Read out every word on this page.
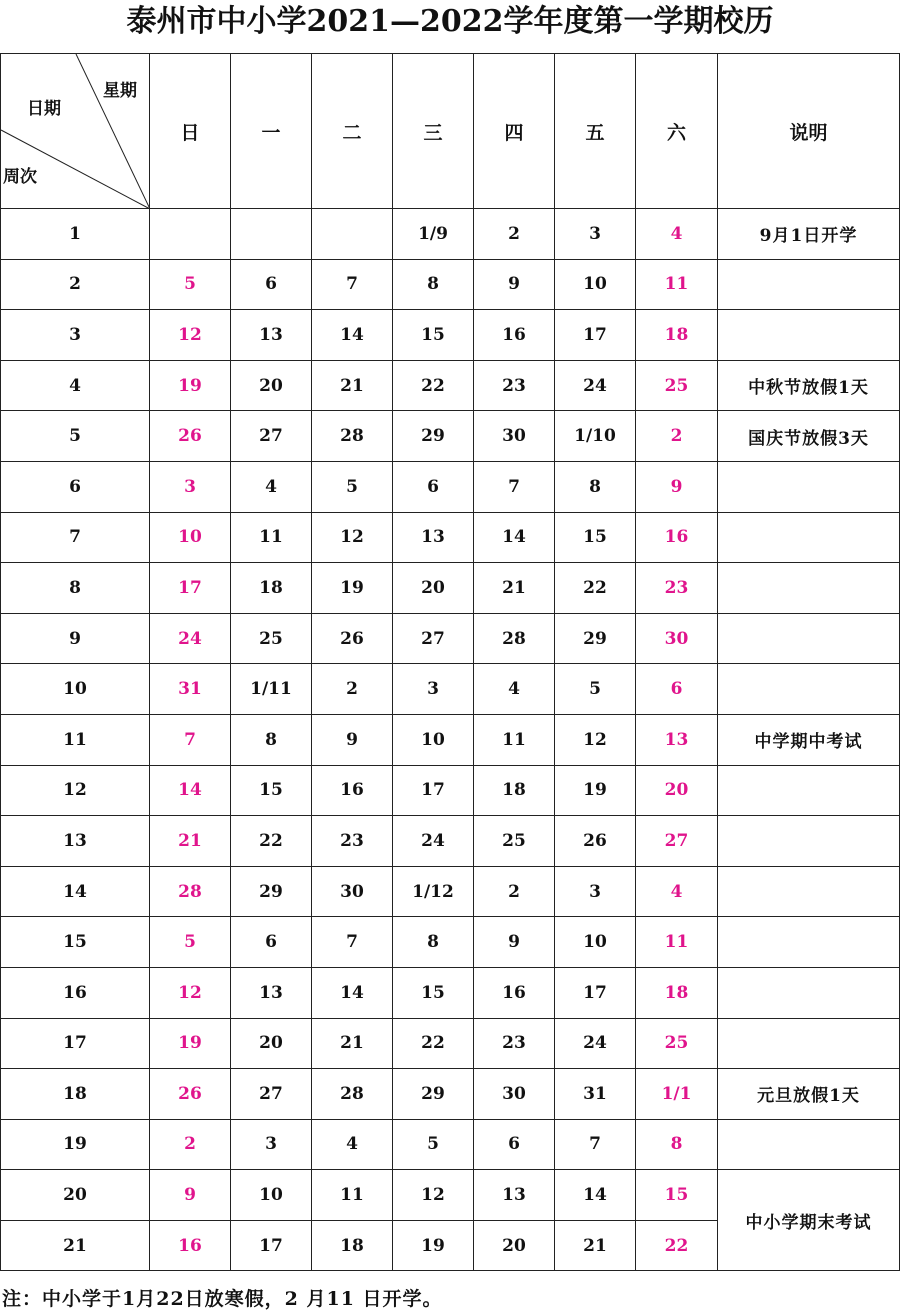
泰州市中小学2021—2022学年度第一学期校历
日期
星期
周次	日	一	二	三	四	五	六	说明
1				1/9	2	3	4	9月1日开学
2	5	6	7	8	9	10	11	
3	12	13	14	15	16	17	18	
4	19	20	21	22	23	24	25	中秋节放假1天
5	26	27	28	29	30	1/10	2	国庆节放假3天
6	3	4	5	6	7	8	9	
7	10	11	12	13	14	15	16	
8	17	18	19	20	21	22	23	
9	24	25	26	27	28	29	30	
10	31	1/11	2	3	4	5	6	
11	7	8	9	10	11	12	13	中学期中考试
12	14	15	16	17	18	19	20	
13	21	22	23	24	25	26	27	
14	28	29	30	1/12	2	3	4	
15	5	6	7	8	9	10	11	
16	12	13	14	15	16	17	18	
17	19	20	21	22	23	24	25	
18	26	27	28	29	30	31	1/1	元旦放假1天
19	2	3	4	5	6	7	8	
20	9	10	11	12	13	14	15	中小学期末考试
21	16	17	18	19	20	21	22	
注：中小学于1月22日放寒假，2 月11 日开学。
